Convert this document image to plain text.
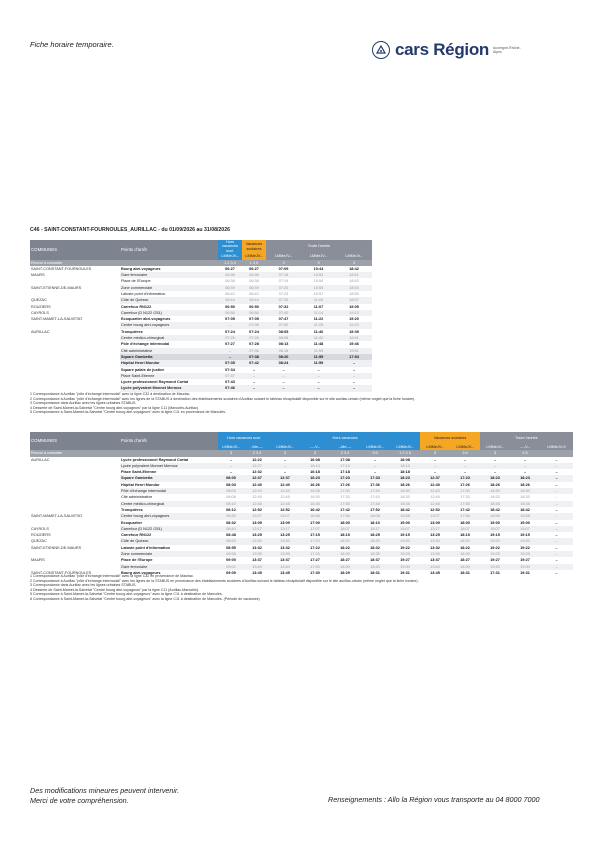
Fiche horaire temporaire.	cars Région Auvergne-Rhône-Alpes
C46 - SAINT-CONSTANT-FOURNOULES_AURILLAC - du 01/09/2026 au 31/08/2026
COMMUNES	Points d'arrêt	Hors vacances scol.	Vacances scolaires	Toute l'année		
		LMMeJV--	LMMeJV--	LMMeJV--	LMMeJV--	LMMeJV--
Renvoi à consulter		1 2 3 4	1 3 5	3	3	3
SAINT-CONSTANT-FOURNOULES	Bourg abri-voyageurs	06:27	06:27	07:09	10:44	18:42
MAURS	Gare ferroviaire	06:36	06:36	07:18	10:53	18:51
	Place de l'Europe	06:38	06:38	07:19	10:54	18:52
SAINT-ETIENNE-DE-MAURS	Zone commerciale	06:39	06:39	07:20	10:55	18:53
	Latoste point d'information	06:42	06:42	07:23	10:57	18:56
QUEZAC	Côte de Quézac	06:44	06:44	07:25	11:00	18:57
ROUZIERS	Carrefour RN122	06:50	06:50	07:32	11:07	19:05
CAYROLS	Carrefour (D N122 /251)	06:58	06:58	07:40	11:14	19:13
SAINT-MAMET-LA-SALVETAT	Ecoquartier abri-voyageurs	07:05	07:05	07:47	11:22	19:20
	Centre bourg abri-voyageurs	–	07:08	07:50	11:25	19:23
AURILLAC	Tronquières	07:24	07:24	08:05	11:40	19:39
	Centre médico-chirurgical	07:26	07:26	08:08	11:42	19:41
	Pôle d'échange intermodal	07:27	07:28	08:13	11:48	19:46
	Cité administrative	–	07:36	08:18	11:53	19:51
	Square Gambetta	–	07:38	08:20	11:55	17:54
	Hôpital Henri Mondor	07:35	07:42	08:24	11:59	–
	Square palais de justice	07:34	–	–	–	–
	Place Saint-Etienne	07:37	–	–	–	–
	Lycée professionnel Raymond Cortat	07:43	–	–	–	–
	Lycée polyvalent Monnet Mermoz	07:46	–	–	–	–
1 Correspondance à Aurillac "pôle d'échange intermodal" avec la ligne C32 à destination de Mauriac.
2 Correspondance à Aurillac "pôle d'échange intermodal" avec les lignes de la STABUS à destination des établissements scolaires d'Aurillac suivant le tableau récapitulatif disponible sur le site aurillac-urbain (même onglet que la fiche horaire).
3 Correspondance dans Aurillac avec les lignes urbaines STABUS.
4 Desserte de Saint-Mamet-la-Salvetat "Centre bourg abri-voyageurs" par la ligne C11 (Marcolès-Aurillac).
5 Correspondance à Saint-Mamet-la-Salvetat "Centre bourg abri-voyageurs" avec la ligne C11 en provenance de Marcolès.
COMMUNES	Points d'arrêt	Hors vacances scol.		Hors vacances					Vacances scolaires		Toute l'année		
		LMMeJV--	-Me----	LMMeJV--	----V--	--Me----	LMMeJV--	LMMeJV--	LMMeJV--	LMMeJV--	LMMeJV--	----V--	LMMeJV-S
Renvoi à consulter		3	2 3 4	3	3	2 3 4	3 6	1 2 3 5	3	3 6	3	1 5	
AURILLAC	Lycée professionnel Raymond Cortat	–	12:22	–	16:08	17:08	–	18:08	–	–	–	–	–
	Lycée polyvalent Monnet Mermoz	–	12:27	–	16:13	17:13	–	18:13	–	–	–	–	–
	Place Saint-Etienne	–	12:32	–	16:18	17:18	–	18:18	–	–	–	–	–
	Square Gambetta	08:00	12:37	12:37	16:23	17:23	17:33	18:23	12:37	17:23	18:23	18:23	–
	Hôpital Henri Mondor	08:03	12:40	12:40	16:26	17:26	17:36	18:26	12:40	17:26	18:26	18:26	–
	Pôle d'échange intermodal	08:05	12:43	12:43	16:28	17:30	17:40	18:30	12:43	17:30	18:30	18:30	–
	Cité administrative	08:08	12:45	12:45	16:30	17:33	17:43	18:33	12:45	17:33	18:33	18:33	–
	Centre médico-chirurgical	08:10	12:48	12:48	16:38	17:38	17:48	18:38	12:48	17:38	18:38	18:38	–
	Tronquières	08:12	12:52	12:52	16:42	17:42	17:52	18:42	12:52	17:42	18:42	18:42	–
SAINT-MAMET-LA-SALVETAT	Centre bourg abri-voyageurs	08:30	13:07	13:07	16:58	17:58	18:08	18:58	13:07	17:58	18:58	18:58	–
	Ecoquartier	08:32	13:09	13:09	17:00	18:00	18:10	19:00	13:09	18:00	19:00	19:00	–
CAYROLS	Carrefour (D N122 /251)	08:40	13:17	13:17	17:07	18:07	18:17	19:07	13:17	18:07	19:07	19:07	–
ROUZIERS	Carrefour RN122	08:48	13:25	13:25	17:15	18:15	18:25	19:15	13:25	18:15	19:15	19:15	–
QUEZAC	Côte de Quézac	08:53	13:30	13:30	17:20	18:20	18:30	19:20	13:30	18:20	19:20	19:20	–
SAINT-ETIENNE-DE-MAURS	Latoste point d'information	08:55	13:32	13:32	17:22	18:22	18:32	19:22	13:32	18:22	19:22	19:22	–
	Zone commerciale	08:58	13:35	13:35	17:25	18:25	18:35	19:25	13:35	18:25	19:25	19:25	–
MAURS	Place de l'Europe	09:00	13:37	13:37	17:27	18:27	18:37	19:27	13:37	18:27	19:27	19:27	–
	Gare ferroviaire	09:02	13:40	13:40	17:30	18:30	18:40	19:30	13:40	18:30	19:30	19:30	–
SAINT-CONSTANT-FOURNOULES	Bourg abri-voyageurs	09:09	13:45	13:45	17:30	18:29	18:31	19:31	13:45	18:31	17:31	19:31	–
1 Correspondance à Aurillac "pôle d'échange intermodal" avec la ligne C32 en provenance de Mauriac.
2 Correspondance à Aurillac "pôle d'échange intermodal" avec les lignes de la STABUS en provenance des établissements scolaires d'Aurillac suivant le tableau récapitulatif disponible sur le site aurillac-urbain (même onglet que la fiche horaire).
3 Correspondance dans Aurillac avec les lignes urbaines STABUS.
4 Desserte de Saint-Mamet-la-Salvetat "Centre bourg abri-voyageurs" par la ligne C11 (Aurillac-Marcolès).
5 Correspondance à Saint-Mamet-la-Salvetat "Centre bourg abri-voyageurs" avec la ligne C11 à destination de Marcolès.
6 Correspondance à Saint-Mamet-la-Salvetat "Centre bourg abri-voyageurs" avec la ligne C11 à destination de Marcolès. (Période de vacances)
Des modifications mineures peuvent intervenir.
Merci de votre compréhension.	Renseignements : Allo la Région vous transporte au 04 8000 7000
